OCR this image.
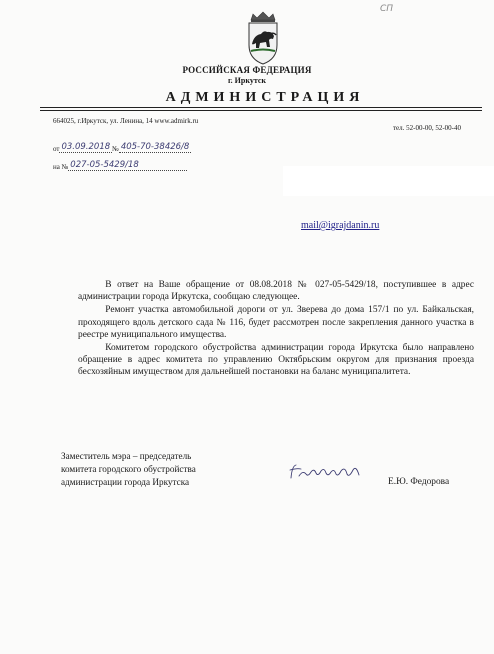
CП
РОССИЙСКАЯ ФЕДЕРАЦИЯ
г. Иркутск
АДМИНИСТРАЦИЯ
664025, г.Иркутск, ул. Ленина, 14 www.admirk.ru
тел. 52-00-00, 52-00-40
от 03.09.2018 № 405-70-38426/8
на № 027-05-5429/18
mail@igrajdanin.ru

В ответ на Ваше обращение от 08.08.2018 № 027-05-5429/18, поступившее в адрес администрации города Иркутска, сообщаю следующее.

Ремонт участка автомобильной дороги от ул. Зверева до дома 157/1 по ул. Байкальская, проходящего вдоль детского сада № 116, будет рассмотрен после закрепления данного участка в реестре муниципального имущества.

Комитетом городского обустройства администрации города Иркутска было направлено обращение в адрес комитета по управлению Октябрьским округом для признания проезда бесхозяйным имуществом для дальнейшей постановки на баланс муниципалитета.

Заместитель мэра – председатель
комитета городского обустройства
администрации города Иркутска	Е.Ю. Федорова
